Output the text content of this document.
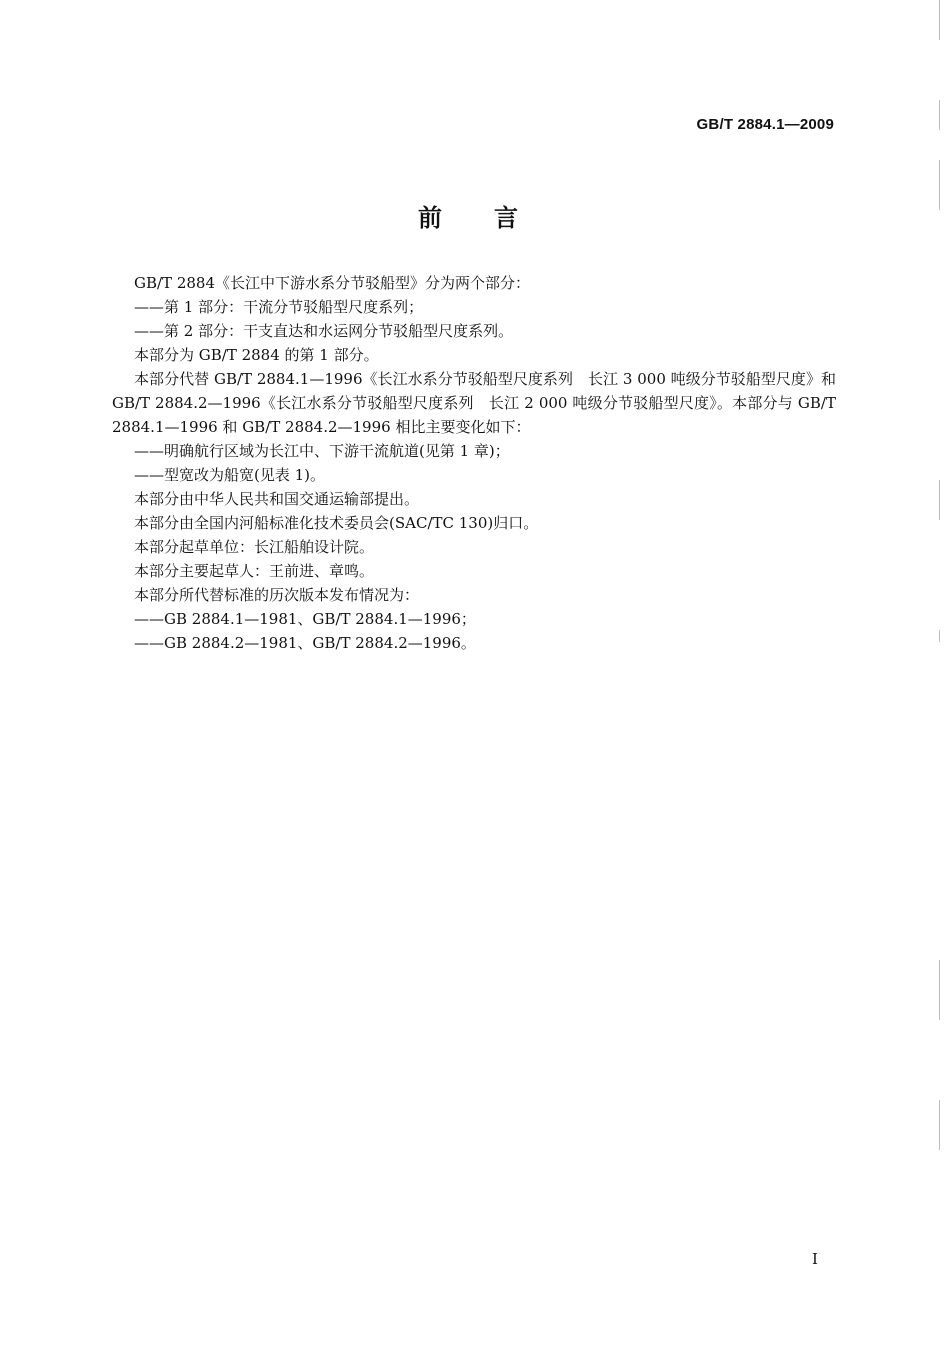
GB/T 2884.1—2009
前言

GB/T 2884《长江中下游水系分节驳船型》分为两个部分：

——第 1 部分：干流分节驳船型尺度系列；

——第 2 部分：干支直达和水运网分节驳船型尺度系列。

本部分为 GB/T 2884 的第 1 部分。

本部分代替 GB/T 2884.1—1996《长江水系分节驳船型尺度系列　长江 3 000 吨级分节驳船型尺度》和 GB/T 2884.2—1996《长江水系分节驳船型尺度系列　长江 2 000 吨级分节驳船型尺度》。本部分与 GB/T 2884.1—1996 和 GB/T 2884.2—1996 相比主要变化如下：

——明确航行区域为长江中、下游干流航道(见第 1 章)；

——型宽改为船宽(见表 1)。

本部分由中华人民共和国交通运输部提出。

本部分由全国内河船标准化技术委员会(SAC/TC 130)归口。

本部分起草单位：长江船舶设计院。

本部分主要起草人：王前进、章鸣。

本部分所代替标准的历次版本发布情况为：

——GB 2884.1—1981、GB/T 2884.1—1996；

——GB 2884.2—1981、GB/T 2884.2—1996。

I
